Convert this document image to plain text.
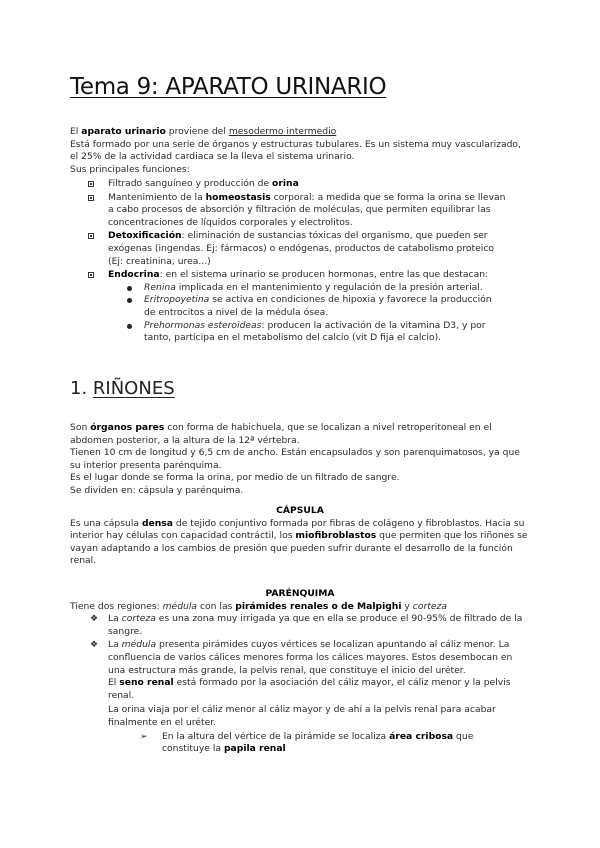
Tema 9: APARATO URINARIO

El aparato urinario proviene del mesodermo intermedio

Está formado por una serie de órganos y estructuras tubulares. Es un sistema muy vascularizado, el 25% de la actividad cardiaca se la lleva el sistema urinario.

Sus principales funciones:

Filtrado sanguíneo y producción de orina
Mantenimiento de la homeostasis corporal: a medida que se forma la orina se llevan a cabo procesos de absorción y filtración de moléculas, que permiten equilibrar las concentraciones de líquidos corporales y electrolitos.
Detoxificación: eliminación de sustancias tóxicas del organismo, que pueden ser exógenas (ingendas. Ej: fármacos) o endógenas, productos de catabolismo proteico (Ej: creatinina, urea...)
Endocrina: en el sistema urinario se producen hormonas, entre las que destacan:
Renina implicada en el mantenimiento y regulación de la presión arterial.
Eritropoyetina se activa en condiciones de hipoxia y favorece la producción de entrocitos a nivel de la médula ósea.
Prehormonas esteroideas: producen la activación de la vitamina D3, y por tanto, participa en el metabolismo del calcio (vit D fija el calcio).
1. RIÑONES

Son órganos pares con forma de habichuela, que se localizan a nivel retroperitoneal en el abdomen posterior, a la altura de la 12ª vértebra.

Tienen 10 cm de longitud y 6,5 cm de ancho. Están encapsulados y son parenquimatosos, ya que su interior presenta parénquima.

Es el lugar donde se forma la orina, por medio de un filtrado de sangre.

Se dividen en: cápsula y parénquima.

CÁPSULA

Es una cápsula densa de tejido conjuntivo formada por fibras de colágeno y fibroblastos. Hacia su interior hay células con capacidad contráctil, los miofibroblastos que permiten que los riñones se vayan adaptando a los cambios de presión que pueden sufrir durante el desarrollo de la función renal.

PARÉNQUIMA

Tiene dos regiones: médula con las pirámides renales o de Malpighi y corteza

❖ La corteza es una zona muy irrigada ya que en ella se produce el 90-95% de filtrado de la sangre.
❖ La médula presenta pirámides cuyos vértices se localizan apuntando al cáliz menor. La confluencia de varios cálices menores forma los cálices mayores. Estos desembocan en una estructura más grande, la pelvis renal, que constituye el inicio del uréter.

El seno renal está formado por la asociación del cáliz mayor, el cáliz menor y la pelvis renal.

La orina viaja por el cáliz menor al cáliz mayor y de ahí a la pelvis renal para acabar finalmente en el uréter.

➢ En la altura del vértice de la pirámide se localiza área cribosa que constituye la papila renal
